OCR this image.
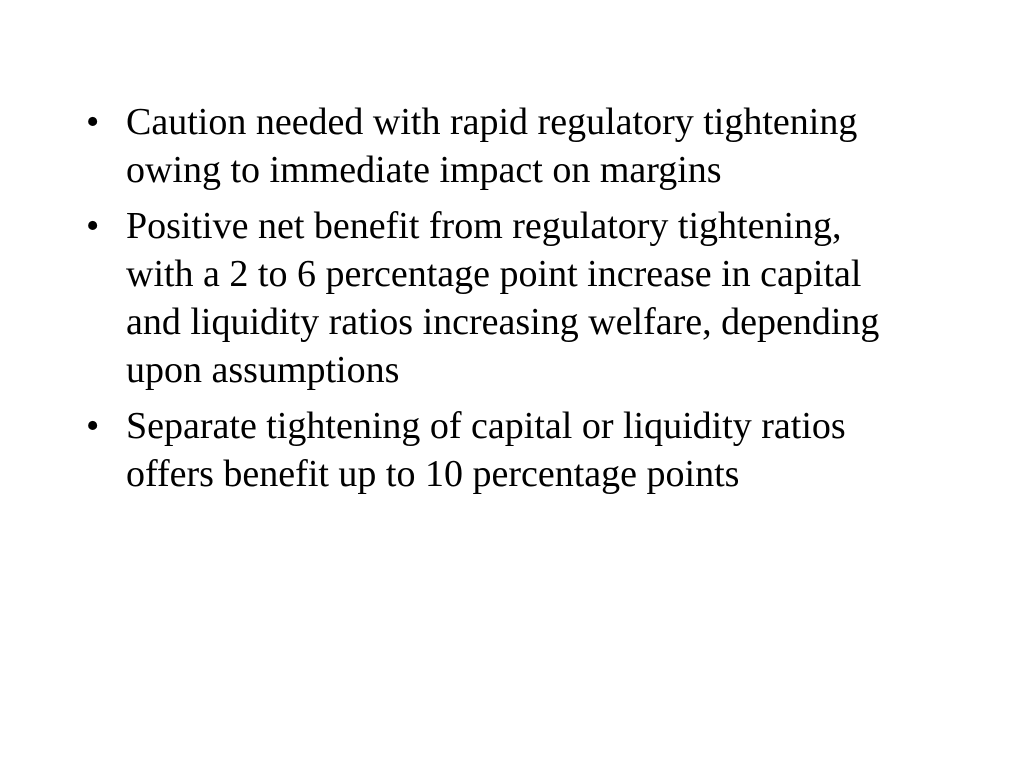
• Caution needed with rapid regulatory tightening owing to immediate impact on margins
• Positive net benefit from regulatory tightening, with a 2 to 6 percentage point increase in capital and liquidity ratios increasing welfare, depending upon assumptions
• Separate tightening of capital or liquidity ratios offers benefit up to 10 percentage points
